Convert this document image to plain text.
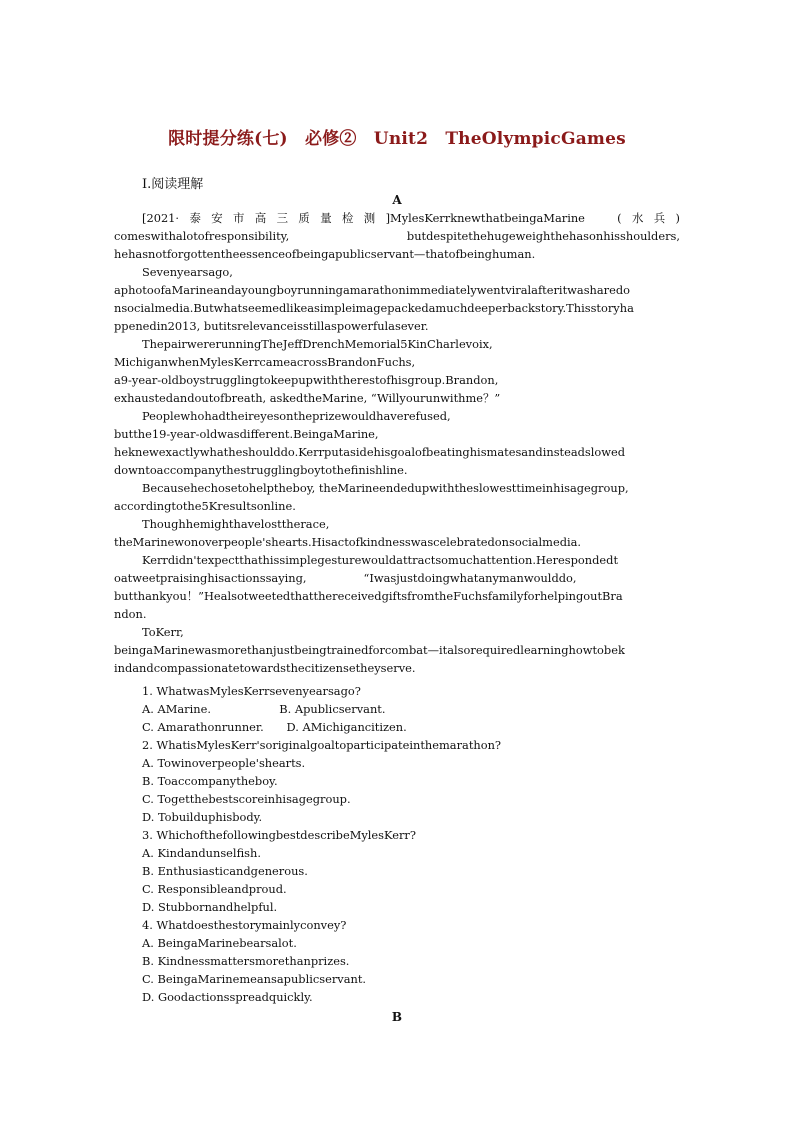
限时提分练(七)　必修②　Unit2　TheOlympicGames
Ⅰ.阅读理解
A
[2021·泰安市高三质量检测]MylesKerrknewthatbeingaMarine　(水兵)
comeswithalotofresponsibility,　　butdespitethehugeweighthehasonhisshoulders,
hehasnotforgottentheessenceofbeingapublicservant—thatofbeinghuman.
Sevenyearsago,
aphotoofaMarineandayoungboyrunningamarathonimmediatelywentviralafteritwasharedo
nsocialmedia.Butwhatseemedlikeasimpleimagepackedamuchdeeperbackstory.Thisstoryha
ppenedin2013, butitsrelevanceisstillaspowerfulasever.
ThepairwererunningTheJeffDrenchMemorial5KinCharlevoix,
MichiganwhenMylesKerrcameacrossBrandonFuchs,
a9-year-oldboystrugglingtokeepupwiththerestofhisgroup.Brandon,
exhaustedandoutofbreath, askedtheMarine, “Willyourunwithme？”
Peoplewhohadtheireyesontheprizewouldhaverefused,
butthe19-year-oldwasdifferent.BeingaMarine,
heknewexactlywhatheshoulddo.Kerrputasidehisgoalofbeatinghismatesandinsteadslowed
downtoaccompanythestrugglingboytothefinishline.
Becausehechosetohelptheboy, theMarineendedupwiththeslowesttimeinhisagegroup,
accordingtothe5Kresultsonline.
Thoughhemighthavelosttherace,
theMarinewonoverpeople'shearts.Hisactofkindnesswascelebratedonsocialmedia.
Kerrdidn'texpectthathissimplegesturewouldattractsomuchattention.Herespondedt
oatweetpraisinghisactionssaying,　　　　　“Iwasjustdoingwhatanymanwoulddo,
butthankyou！”HealsotweetedthatthereceivedgiftsfromtheFuchsfamilyforhelpingoutBra
ndon.
ToKerr,
beingaMarinewasmorethanjustbeingtrainedforcombat—italsorequiredlearninghowtobek
indandcompassionatetowardsthecitizensetheyserve.
1. WhatwasMylesKerrsevenyearsago?
A. AMarine.　　　　　　B. Apublicservant.
C. Amarathonrunner.　　D. AMichigancitizen.
2. WhatisMylesKerr'soriginalgoaltoparticipateinthemarathon?
A. Towinoverpeople'shearts.
B. Toaccompanytheboy.
C. Togetthebestscoreinhisagegroup.
D. Tobuilduphisbody.
3. WhichofthefollowingbestdescribeMylesKerr?
A. Kindandunselfish.
B. Enthusiasticandgenerous.
C. Responsibleandproud.
D. Stubbornandhelpful.
4. Whatdoesthestorymainlyconvey?
A. BeingaMarinebearsalot.
B. Kindnessmattersmorethanprizes.
C. BeingaMarinemeansapublicservant.
D. Goodactionsspreadquickly.
B
